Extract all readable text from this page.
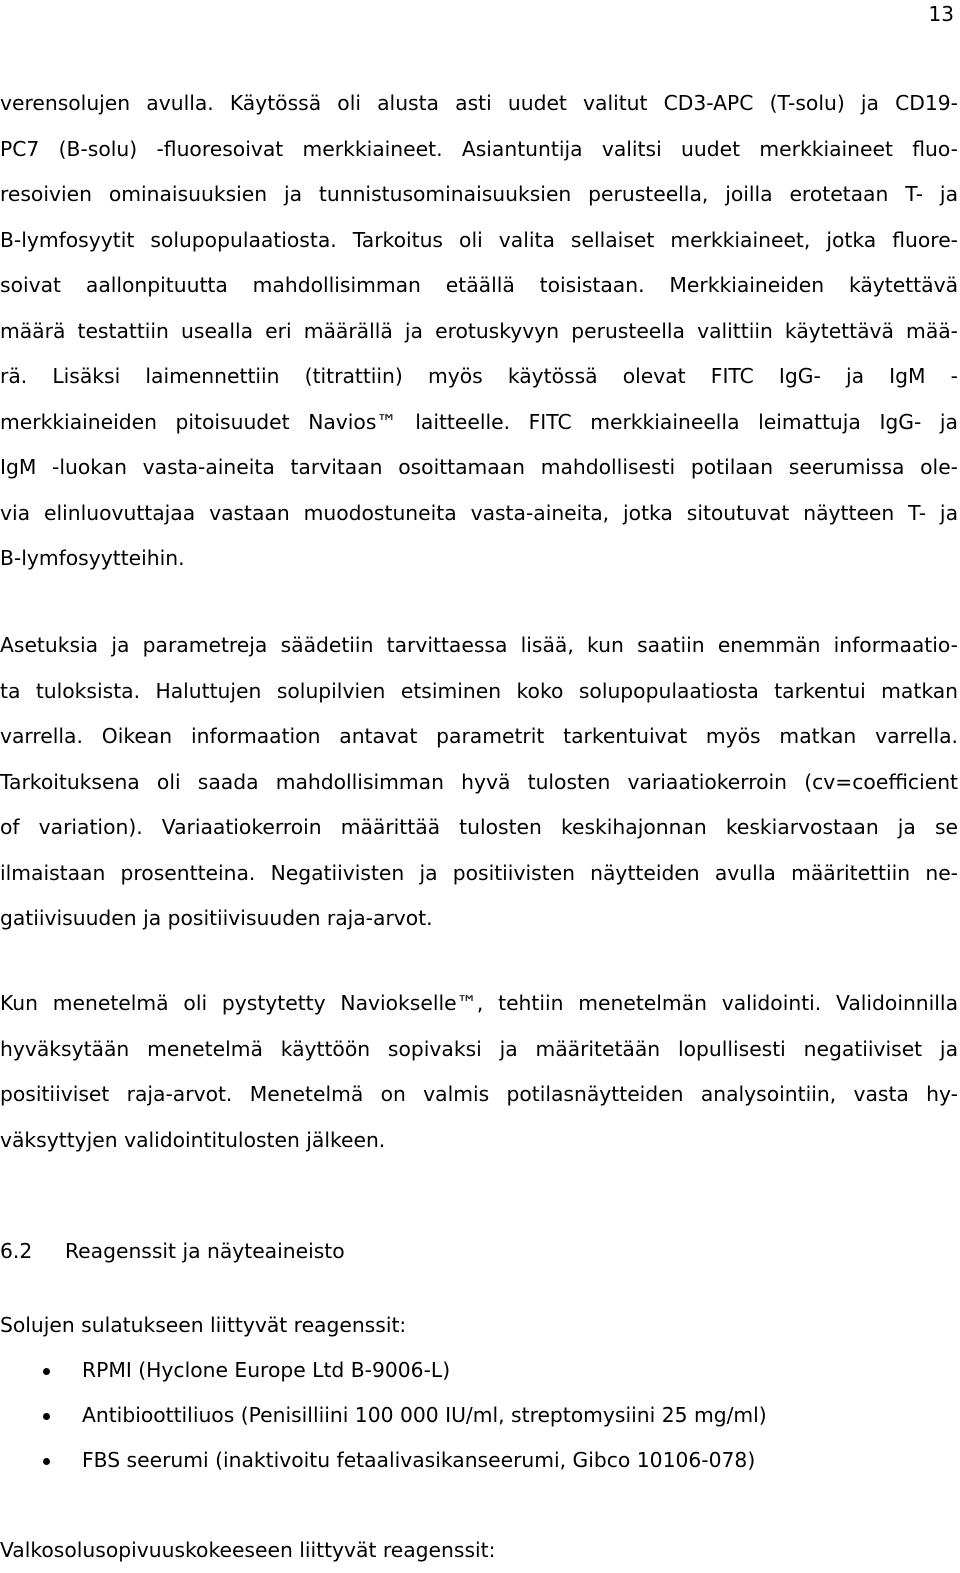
13
verensolujen avulla. Käytössä oli alusta asti uudet valitut CD3-APC (T-solu) ja CD19-
PC7 (B-solu) -fluoresoivat merkkiaineet. Asiantuntija valitsi uudet merkkiaineet fluo-
resoivien ominaisuuksien ja tunnistusominaisuuksien perusteella, joilla erotetaan T- ja
B-lymfosyytit solupopulaatiosta. Tarkoitus oli valita sellaiset merkkiaineet, jotka fluore-
soivat aallonpituutta mahdollisimman etäällä toisistaan. Merkkiaineiden käytettävä
määrä testattiin usealla eri määrällä ja erotuskyvyn perusteella valittiin käytettävä mää-
rä. Lisäksi laimennettiin (titrattiin) myös käytössä olevat FITC IgG- ja IgM -
merkkiaineiden pitoisuudet Navios™ laitteelle. FITC merkkiaineella leimattuja IgG- ja
IgM -luokan vasta-aineita tarvitaan osoittamaan mahdollisesti potilaan seerumissa ole-
via elinluovuttajaa vastaan muodostuneita vasta-aineita, jotka sitoutuvat näytteen T- ja
B-lymfosyytteihin.
Asetuksia ja parametreja säädetiin tarvittaessa lisää, kun saatiin enemmän informaatio-
ta tuloksista. Haluttujen solupilvien etsiminen koko solupopulaatiosta tarkentui matkan
varrella. Oikean informaation antavat parametrit tarkentuivat myös matkan varrella.
Tarkoituksena oli saada mahdollisimman hyvä tulosten variaatiokerroin (cv=coefficient
of variation). Variaatiokerroin määrittää tulosten keskihajonnan keskiarvostaan ja se
ilmaistaan prosentteina. Negatiivisten ja positiivisten näytteiden avulla määritettiin ne-
gatiivisuuden ja positiivisuuden raja-arvot.
Kun menetelmä oli pystytetty Naviokselle™, tehtiin menetelmän validointi. Validoinnilla
hyväksytään menetelmä käyttöön sopivaksi ja määritetään lopullisesti negatiiviset ja
positiiviset raja-arvot. Menetelmä on valmis potilasnäytteiden analysointiin, vasta hy-
väksyttyjen validointitulosten jälkeen.
6.2 Reagenssit ja näyteaineisto
Solujen sulatukseen liittyvät reagenssit:
RPMI (Hyclone Europe Ltd B-9006-L)
Antibioottiliuos (Penisilliini 100 000 IU/ml, streptomysiini 25 mg/ml)
FBS seerumi (inaktivoitu fetaalivasikanseerumi, Gibco 10106-078)
Valkosolusopivuuskokeeseen liittyvät reagenssit:
